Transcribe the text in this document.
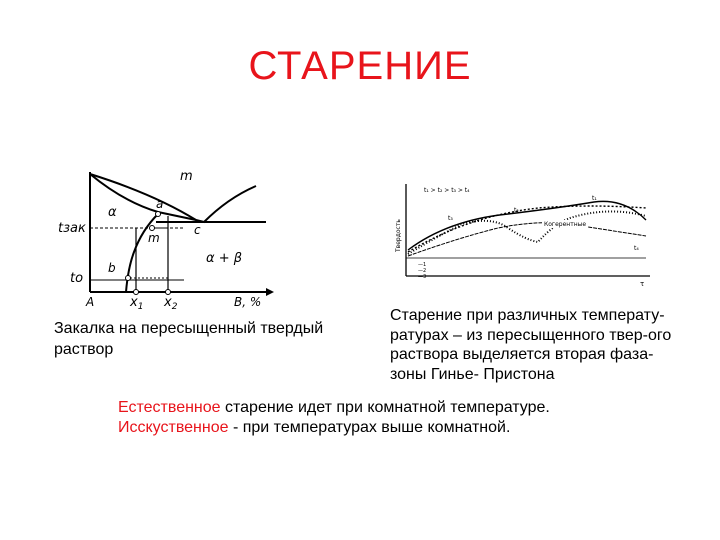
СТАРЕНИЕ
m
α
a
c
m
tзак
tо
b
α + β
A	$x_1$ $x_2$	B, %
Твердость
t₁ > t₂ > t₃ > t₄
t₁
t₂
t₃
t₄
Когерентные
—1
—2
—3
τ
Закалка на пересыщенный твердый раствор
Старение при различных температу-
ратурах – из пересыщенного твер-ого
раствора выделяется вторая фаза-
зоны Гинье- Пристона
Естественное старение идет при комнатной температуре.
Исскуственное - при температурах выше комнатной.
